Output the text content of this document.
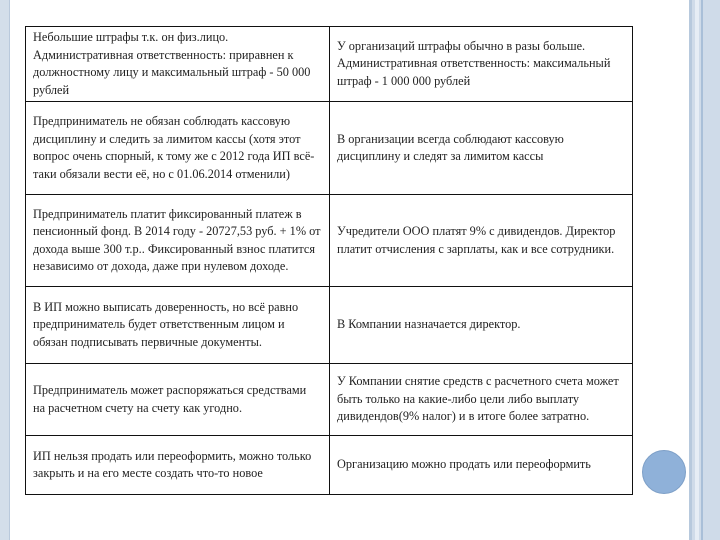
Небольшие штрафы т.к. он физ.лицо. Административная ответственность: приравнен к должностному лицу и максимальный штраф - 50 000 рублей	У организаций штрафы обычно в разы больше. Административная ответственность: максимальный штраф - 1 000 000 рублей
Предприниматель не обязан соблюдать кассовую дисциплину и следить за лимитом кассы (хотя этот вопрос очень спорный, к тому же с 2012 года ИП всё-таки обязали вести её, но с 01.06.2014 отменили)	В организации всегда соблюдают кассовую дисциплину и следят за лимитом кассы
Предприниматель платит фиксированный платеж в пенсионный фонд. В 2014 году - 20727,53 руб. + 1% от дохода выше 300 т.р.. Фиксированный взнос платится независимо от дохода, даже при нулевом доходе.	Учредители ООО платят 9% с дивидендов. Директор платит отчисления с зарплаты, как и все сотрудники.
В ИП можно выписать доверенность, но всё равно предприниматель будет ответственным лицом и обязан подписывать первичные документы.	В Компании назначается директор.
Предприниматель может распоряжаться средствами на расчетном счету на счету как угодно.	У Компании снятие средств с расчетного счета может быть только на какие-либо цели либо выплату дивидендов(9% налог) и в итоге более затратно.
ИП нельзя продать или переоформить, можно только закрыть и на его месте создать что-то новое	Организацию можно продать или переоформить
